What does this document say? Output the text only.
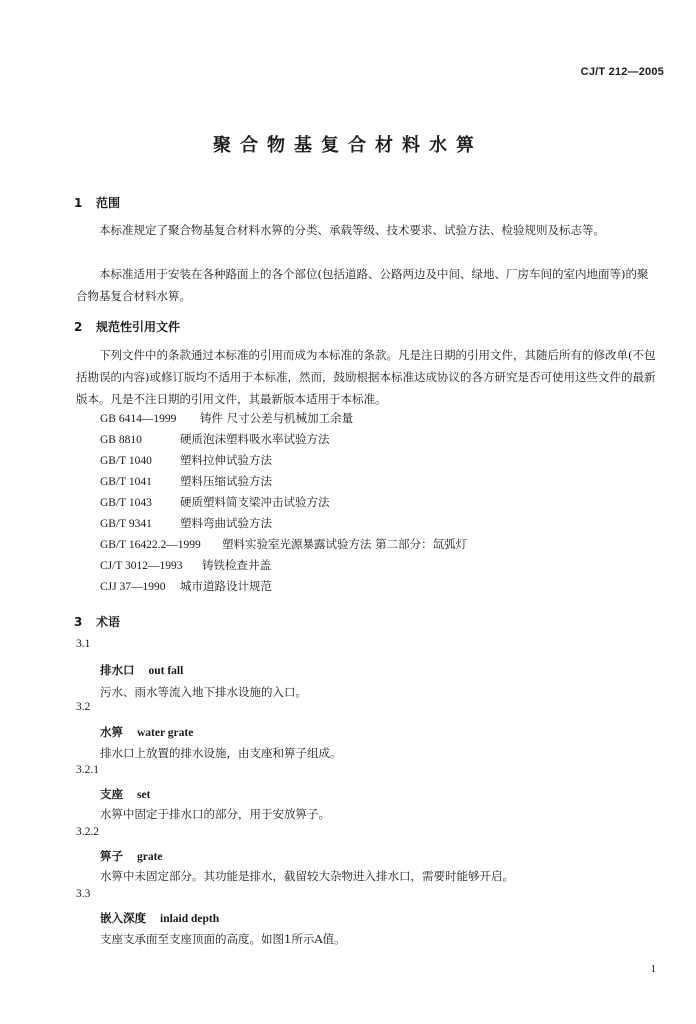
CJ/T 212—2005
聚合物基复合材料水箅
1 范围
本标准规定了聚合物基复合材料水箅的分类、承载等级、技术要求、试验方法、检验规则及标志等。
本标准适用于安装在各种路面上的各个部位(包括道路、公路两边及中间、绿地、厂房车间的室内地面等)的聚合物基复合材料水箅。
2 规范性引用文件
下列文件中的条款通过本标准的引用而成为本标准的条款。凡是注日期的引用文件，其随后所有的修改单(不包括勘误的内容)或修订版均不适用于本标准，然而，鼓励根据本标准达成协议的各方研究是否可使用这些文件的最新版本。凡是不注日期的引用文件，其最新版本适用于本标准。
GB 6414—1999 铸件 尺寸公差与机械加工余量
GB 8810	硬质泡沫塑料吸水率试验方法
GB/T 1040 塑料拉伸试验方法
GB/T 1041 塑料压缩试验方法
GB/T 1043 硬质塑料简支梁冲击试验方法
GB/T 9341 塑料弯曲试验方法
GB/T 16422.2—1999 塑料实验室光源暴露试验方法 第二部分：氙弧灯
CJ/T 3012—1993 铸铁检查井盖
CJJ 37—1990 城市道路设计规范
3 术语
3.1
排水口 out fall
污水、雨水等流入地下排水设施的入口。
3.2
水箅 water grate
排水口上放置的排水设施，由支座和箅子组成。
3.2.1
支座 set
水箅中固定于排水口的部分，用于安放箅子。
3.2.2
箅子 grate
水箅中未固定部分。其功能是排水，截留较大杂物进入排水口，需要时能够开启。
3.3
嵌入深度 inlaid depth
支座支承面至支座顶面的高度。如图1所示A值。
1
